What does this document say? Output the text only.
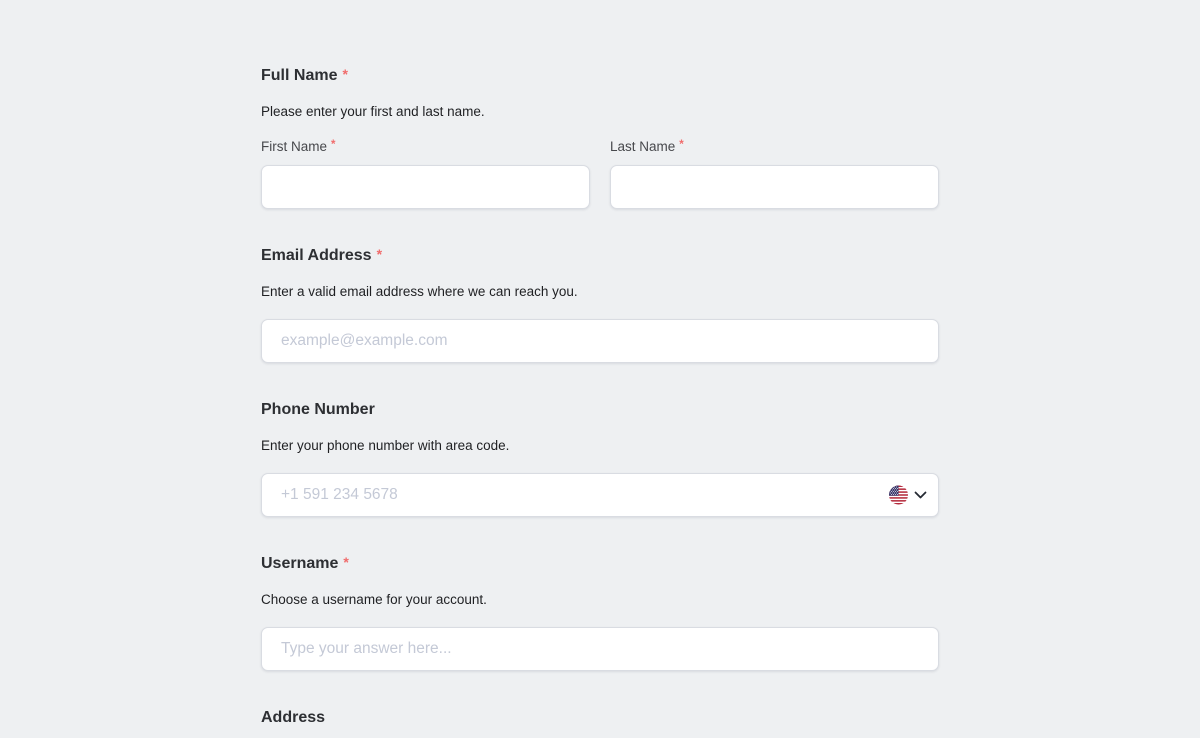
Full Name *

Please enter your first and last name.

First Name *	Last Name *
Email Address *

Enter a valid email address where we can reach you.

example@example.com
Phone Number

Enter your phone number with area code.

+1 591 234 5678
Username *

Choose a username for your account.

Type your answer here...
Address
